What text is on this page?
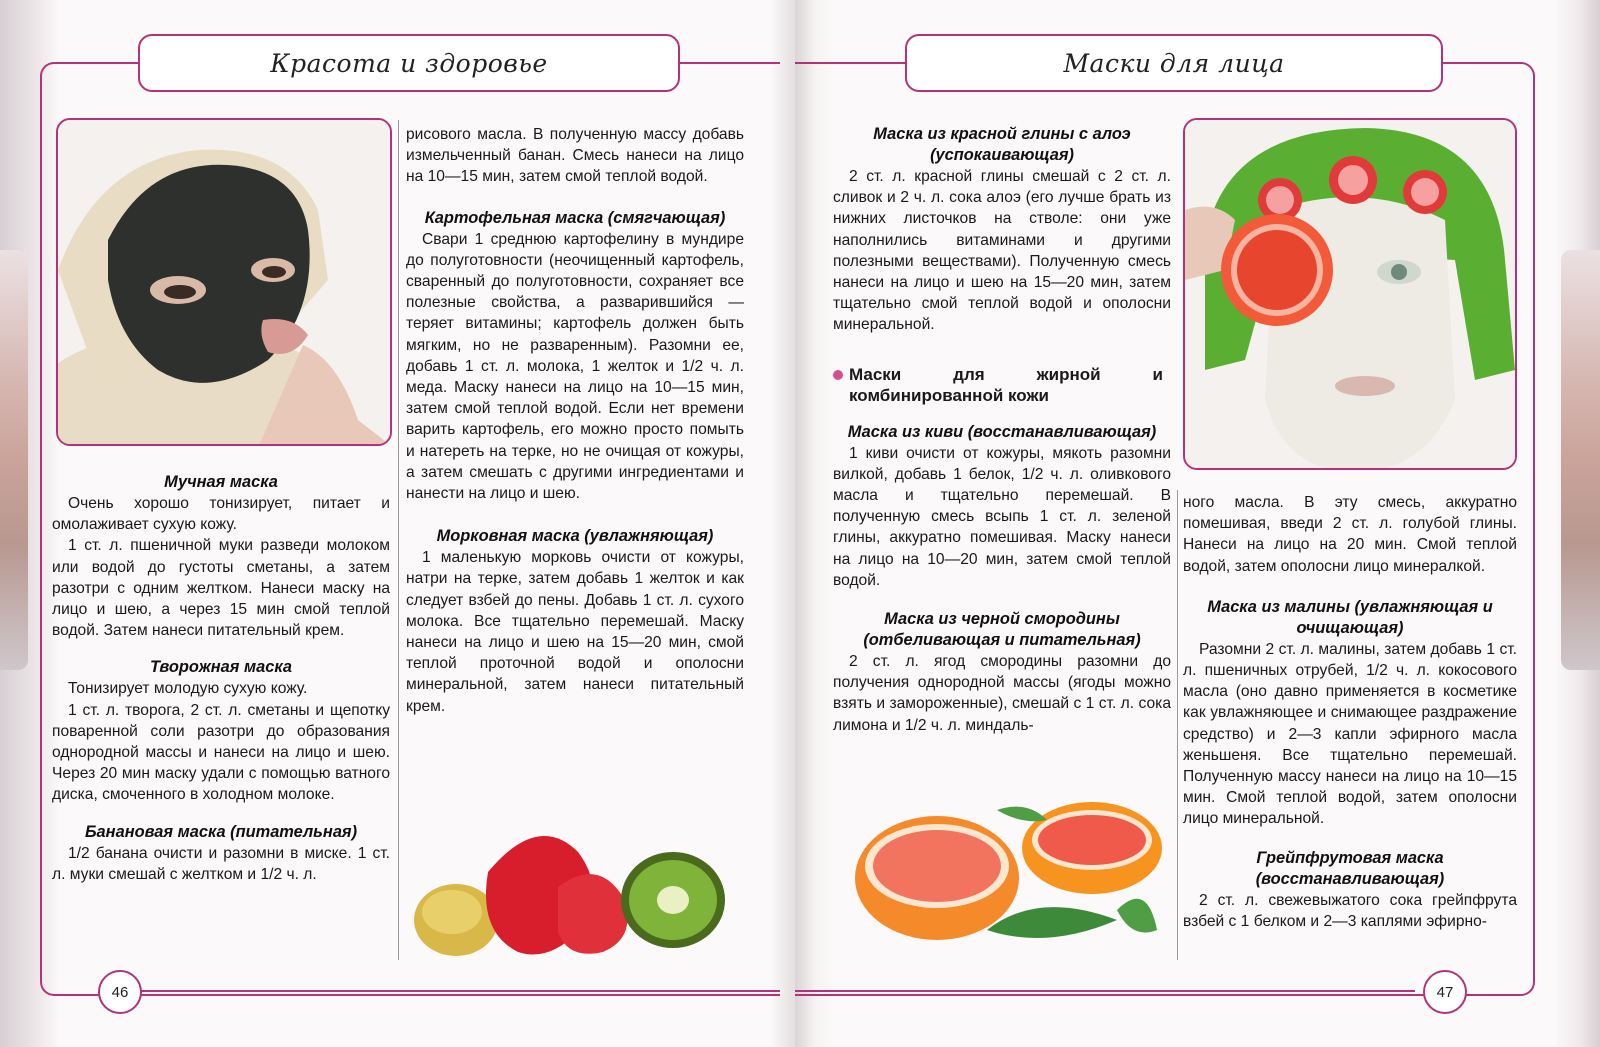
Красота и здоровье
Мучная маска

Очень хорошо тонизирует, питает и омолаживает сухую кожу.

1 ст. л. пшеничной муки разведи молоком или водой до густоты сметаны, а затем разотри с одним желтком. Нанеси маску на лицо и шею, а через 15 мин смой теплой водой. Затем нанеси питательный крем.

Творожная маска

Тонизирует молодую сухую кожу.

1 ст. л. творога, 2 ст. л. сметаны и щепотку поваренной соли разотри до образования однородной массы и нанеси на лицо и шею. Через 20 мин маску удали с помощью ватного диска, смоченного в холодном молоке.

Банановая маска (питательная)

1/2 банана очисти и разомни в миске. 1 ст. л. муки смешай с желтком и 1/2 ч. л.

рисового масла. В полученную массу добавь измельченный банан. Смесь нанеси на лицо на 10—15 мин, затем смой теплой водой.

Картофельная маска (смягчающая)

Свари 1 среднюю картофелину в мундире до полуготовности (неочищенный картофель, сваренный до полуготовности, сохраняет все полезные свойства, а разварившийся — теряет витамины; картофель должен быть мягким, но не разваренным). Разомни ее, добавь 1 ст. л. молока, 1 желток и 1/2 ч. л. меда. Маску нанеси на лицо на 10—15 мин, затем смой теплой водой. Если нет времени варить картофель, его можно просто помыть и натереть на терке, но не очищая от кожуры, а затем смешать с другими ингредиентами и нанести на лицо и шею.

Морковная маска (увлажняющая)

1 маленькую морковь очисти от кожуры, натри на терке, затем добавь 1 желток и как следует взбей до пены. Добавь 1 ст. л. сухого молока. Все тщательно перемешай. Маску нанеси на лицо и шею на 15—20 мин, смой теплой проточной водой и ополосни минеральной, затем нанеси питательный крем.

46
Маски для лица
Маска из красной глины с алоэ (успокаивающая)

2 ст. л. красной глины смешай с 2 ст. л. сливок и 2 ч. л. сока алоэ (его лучше брать из нижних листочков на стволе: они уже наполнились витаминами и другими полезными веществами). Полученную смесь нанеси на лицо и шею на 15—20 мин, затем тщательно смой теплой водой и ополосни минеральной.

Маски для жирной и комбинированной кожи
Маска из киви (восстанавливающая)

1 киви очисти от кожуры, мякоть разомни вилкой, добавь 1 белок, 1/2 ч. л. оливкового масла и тщательно перемешай. В полученную смесь всыпь 1 ст. л. зеленой глины, аккуратно помешивая. Маску нанеси на лицо на 10—20 мин, затем смой теплой водой.

Маска из черной смородины (отбеливающая и питательная)

2 ст. л. ягод смородины разомни до получения однородной массы (ягоды можно взять и замороженные), смешай с 1 ст. л. сока лимона и 1/2 ч. л. миндаль-

ного масла. В эту смесь, аккуратно помешивая, введи 2 ст. л. голубой глины. Нанеси на лицо на 20 мин. Смой теплой водой, затем ополосни лицо минералкой.

Маска из малины (увлажняющая и очищающая)

Разомни 2 ст. л. малины, затем добавь 1 ст. л. пшеничных отрубей, 1/2 ч. л. кокосового масла (оно давно применяется в косметике как увлажняющее и снимающее раздражение средство) и 2—3 капли эфирного масла женьшеня. Все тщательно перемешай. Полученную массу нанеси на лицо на 10—15 мин. Смой теплой водой, затем ополосни лицо минеральной.

Грейпфрутовая маска (восстанавливающая)

2 ст. л. свежевыжатого сока грейпфрута взбей с 1 белком и 2—3 каплями эфирно-

47
